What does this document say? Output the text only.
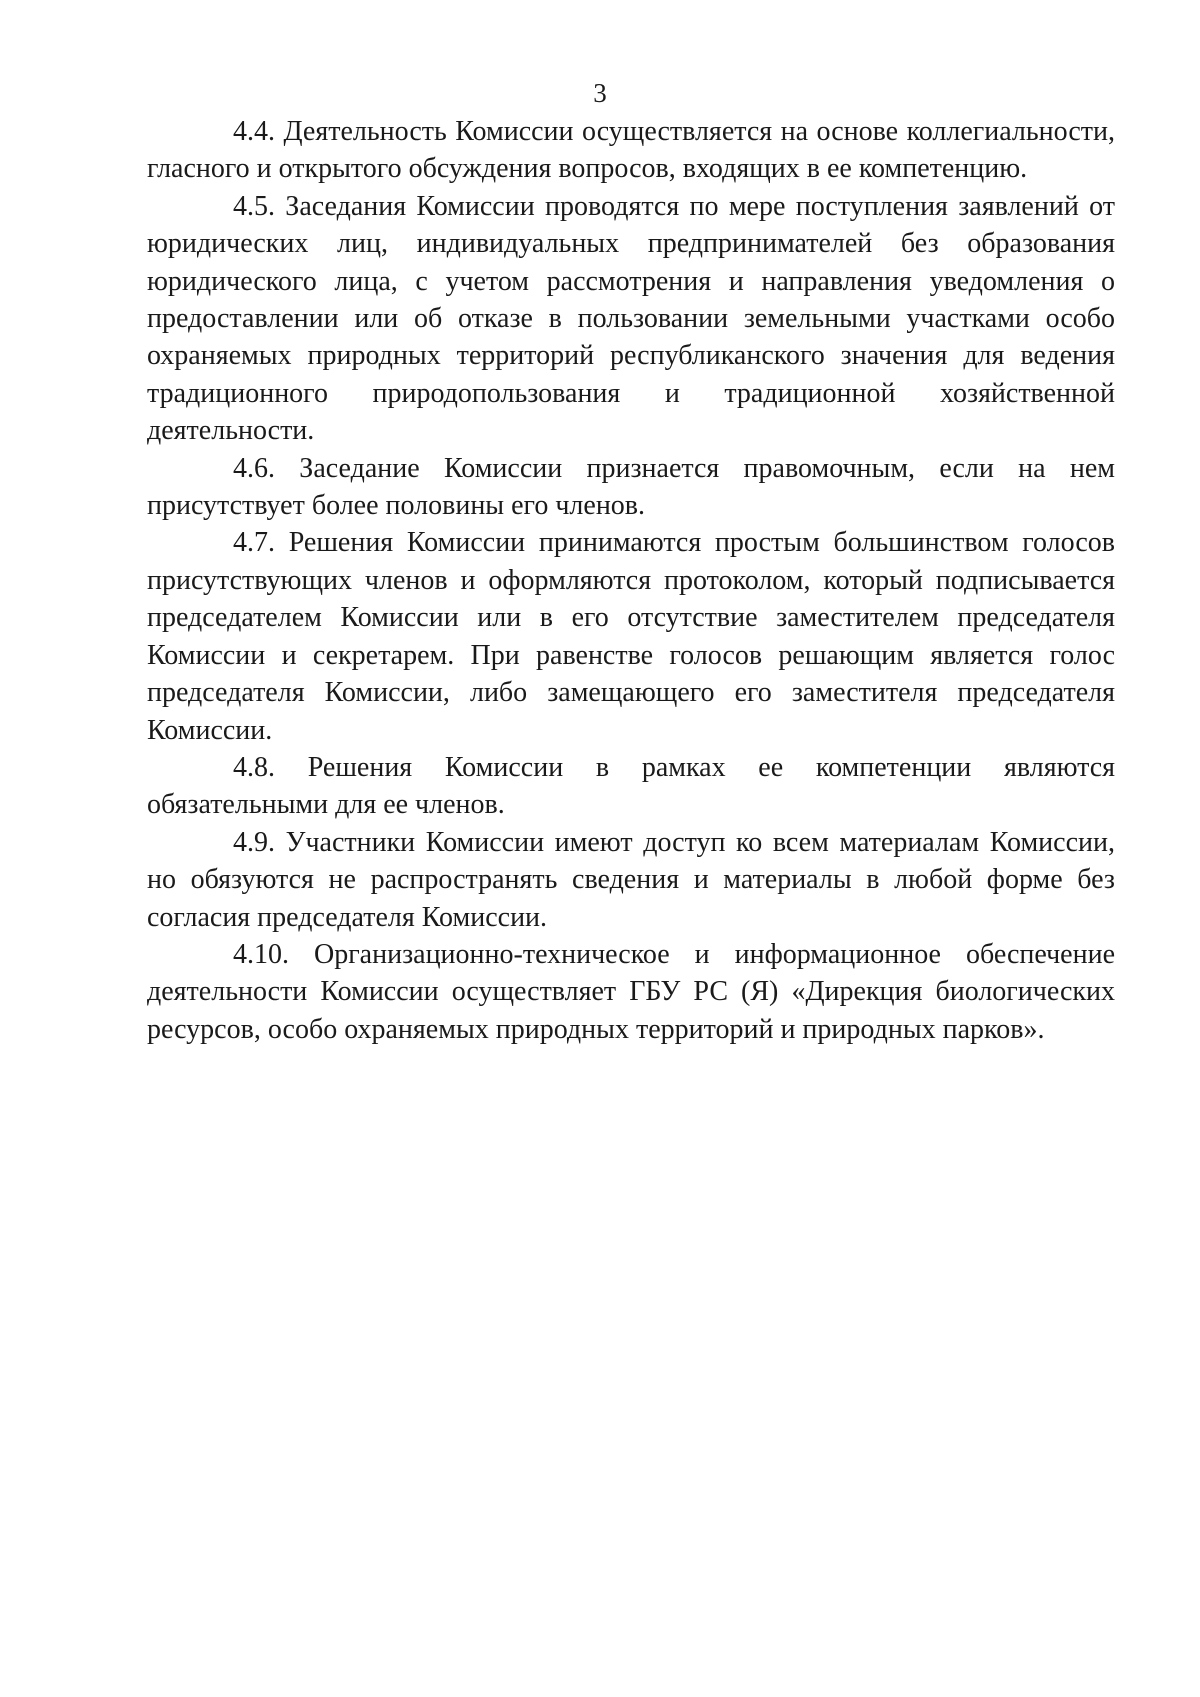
3

4.4. Деятельность Комиссии осуществляется на основе коллегиальности, гласного и открытого обсуждения вопросов, входящих в ее компетенцию.

4.5. Заседания Комиссии проводятся по мере поступления заявлений от юридических лиц, индивидуальных предпринимателей без образования юридического лица, с учетом рассмотрения и направления уведомления о предоставлении или об отказе в пользовании земельными участками особо охраняемых природных территорий республиканского значения для ведения традиционного природопользования и традиционной хозяйственной деятельности.

4.6. Заседание Комиссии признается правомочным, если на нем присутствует более половины его членов.

4.7. Решения Комиссии принимаются простым большинством голосов присутствующих членов и оформляются протоколом, который подписывается председателем Комиссии или в его отсутствие заместителем председателя Комиссии и секретарем. При равенстве голосов решающим является голос председателя Комиссии, либо замещающего его заместителя председателя Комиссии.

4.8. Решения Комиссии в рамках ее компетенции являются обязательными для ее членов.

4.9. Участники Комиссии имеют доступ ко всем материалам Комиссии, но обязуются не распространять сведения и материалы в любой форме без согласия председателя Комиссии.

4.10. Организационно-техническое и информационное обеспечение деятельности Комиссии осуществляет ГБУ РС (Я) «Дирекция биологических ресурсов, особо охраняемых природных территорий и природных парков».
